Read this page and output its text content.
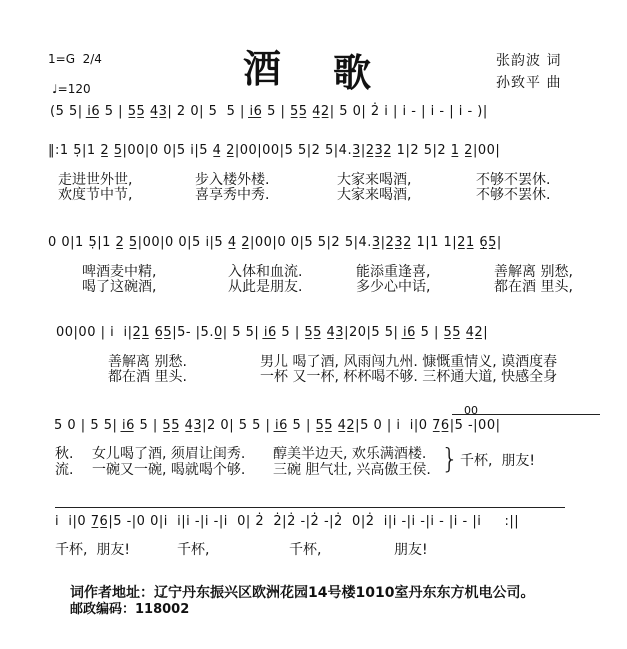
1=G  2/4
♩=120	酒 歌	张韵波 词
孙致平 曲
(5 5| i̲6̲ 5 | 5̲5̲ 4̲3̲| 2 0| 5  5 | i̲6̲ 5 | 5̲5̲ 4̲2̲| 5 0| 2̇ i | i - | i - | i - )|
‖:1 5̣|1 2̲ 5̲|00|0 0|5 i|5 4̲ 2̲|00|00|5 5|2 5|4.3̲|2̲3̲2̲ 1|2 5|2 1̲ 2̲|00|
走进世外世,	步入楼外楼.	大家来喝酒,	不够不罢休.
欢度节中节,	喜享秀中秀.	大家来喝酒,	不够不罢休.
0 0|1 5̣|1 2̲ 5̲|00|0 0|5 i|5 4̲ 2̲|00|0 0|5 5|2 5|4.3̲|2̲3̲2̲ 1|1 1|2̲1̲ 6̣̲5̣̲|
啤酒麦中精,	入体和血流.	能添重逢喜,	善解离 别愁,
喝了这碗酒,	从此是朋友.	多少心中话,	都在酒 里头,
00|00 | i  i|2̲1̲ 6̲5̲|5- |5.0̲| 5 5| i̲6̲ 5 | 5̲5̲ 4̲3̲|20|5 5| i̲6̲ 5 | 5̲5̲ 4̲2̲|
善解离 别愁.	男儿 喝了酒, 风雨闯九州. 慷慨重情义, 谟酒度春
都在酒 里头.	一杯 又一杯, 杯杯喝不够. 三杯通大道, 快感全身
00
5 0 | 5 5| i̲6̲ 5 | 5̲5̲ 4̲3̲|2 0| 5 5 | i̲6̲ 5 | 5̲5̲ 4̲2̲|5 0 | i  i|0 7̲6̲|5 -|00|
秋. 女儿喝了酒, 须眉让闺秀. 醇美半边天, 欢乐满酒楼.
流. 一碗又一碗, 喝就喝个够. 三碗 胆气壮, 兴高傲王侯. } 千杯,  朋友!
i  i|0 7̲6̲|5 -|0 0|i  i|i -|i -|i  0| 2̇  2̇|2̇ -|2̇ -|2̇  0|2̇  i|i -|i -|i - |i - |i     :||
千杯,  朋友!	千杯,	千杯,	朋友!
词作者地址：辽宁丹东振兴区欧洲花园14号楼1010室丹东东方机电公司。
邮政编码：118002
